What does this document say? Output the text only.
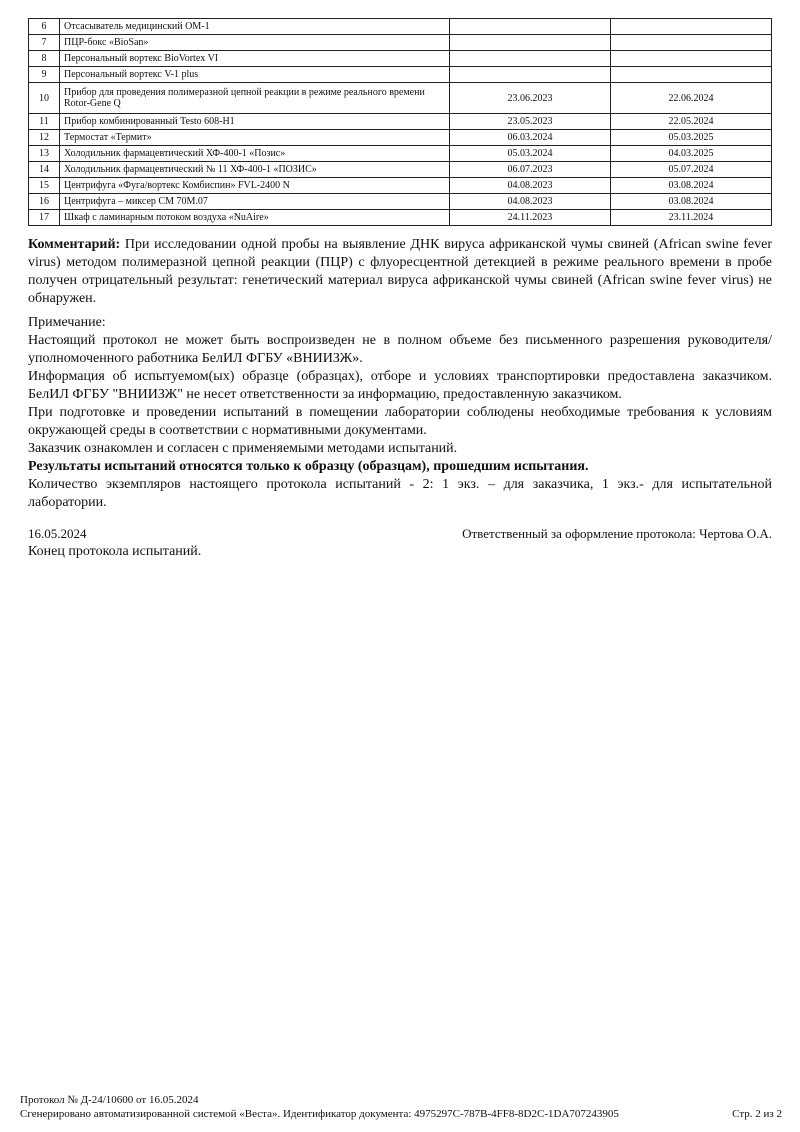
6	Отсасыватель медицинский ОМ-1		
7	ПЦР-бокс «BioSan»		
8	Персональный вортекс BioVortex VI		
9	Персональный вортекс V-1 plus		
10	Прибор для проведения полимеразной цепной реакции в режиме реального времени Rotor-Gene Q	23.06.2023	22.06.2024
11	Прибор комбинированный Testo 608-H1	23.05.2023	22.05.2024
12	Термостат «Термит»	06.03.2024	05.03.2025
13	Холодильник фармацевтический ХФ-400-1 «Позис»	05.03.2024	04.03.2025
14	Холодильник фармацевтический № 11 ХФ-400-1 «ПОЗИС»	06.07.2023	05.07.2024
15	Центрифуга «Фуга/вортекс Комбиспин» FVL-2400 N	04.08.2023	03.08.2024
16	Центрифуга – миксер СМ 70М.07	04.08.2023	03.08.2024
17	Шкаф с ламинарным потоком воздуха «NuAire»	24.11.2023	23.11.2024
Комментарий: При исследовании одной пробы на выявление ДНК вируса африканской чумы свиней (African swine fever virus) методом полимеразной цепной реакции (ПЦР) с флуоресцентной детекцией в режиме реального времени в пробе получен отрицательный результат: генетический материал вируса африканской чумы свиней (African swine fever virus) не обнаружен.

Примечание:

Настоящий протокол не может быть воспроизведен не в полном объеме без письменного разрешения руководителя/уполномоченного работника БелИЛ ФГБУ «ВНИИЗЖ».

Информация об испытуемом(ых) образце (образцах), отборе и условиях транспортировки предоставлена заказчиком. БелИЛ ФГБУ "ВНИИЗЖ" не несет ответственности за информацию, предоставленную заказчиком.

При подготовке и проведении испытаний в помещении лаборатории соблюдены необходимые требования к условиям окружающей среды в соответствии с нормативными документами.

Заказчик ознакомлен и согласен с применяемыми методами испытаний.

Результаты испытаний относятся только к образцу (образцам), прошедшим испытания.

Количество экземпляров настоящего протокола испытаний - 2: 1 экз. – для заказчика, 1 экз.- для испытательной лаборатории.

16.05.2024	Ответственный за оформление протокола: Чертова О.А.
Конец протокола испытаний.
Протокол № Д-24/10600 от 16.05.2024
Сгенерировано автоматизированной системой «Веста». Идентификатор документа: 4975297C-787B-4FF8-8D2C-1DA707243905	Стр. 2 из 2
